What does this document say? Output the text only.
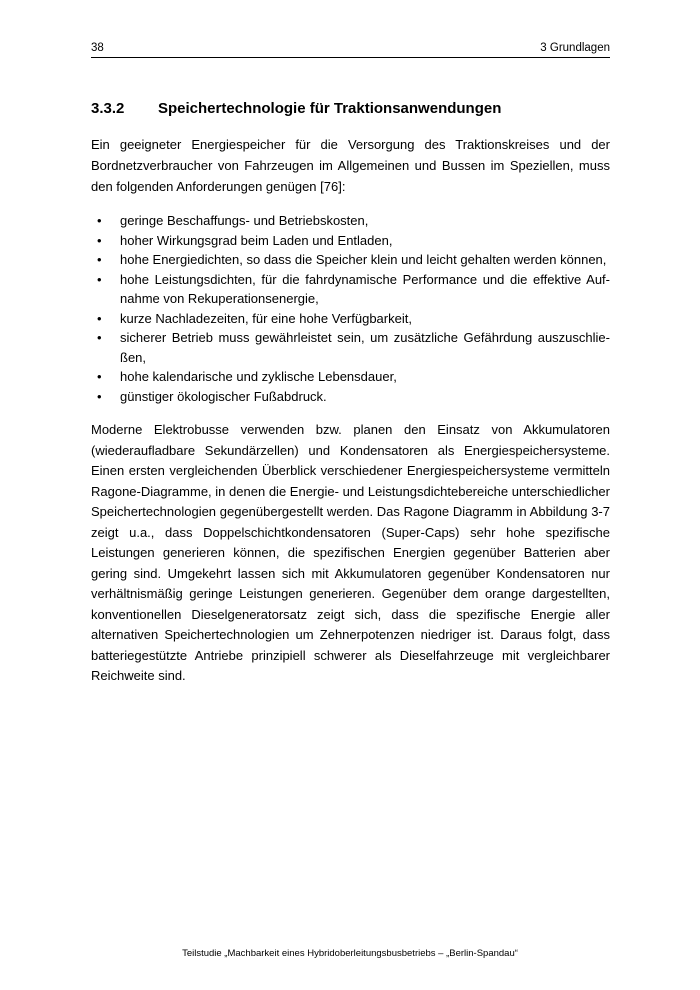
38	3 Grundlagen
3.3.2	Speichertechnologie für Traktionsanwendungen

Ein geeigneter Energiespeicher für die Versorgung des Traktionskreises und der Bordnetzverbraucher von Fahrzeugen im Allgemeinen und Bussen im Speziellen, muss den folgenden Anforderungen genügen [76]:

• geringe Beschaffungs- und Betriebskosten,
• hoher Wirkungsgrad beim Laden und Entladen,
• hohe Energiedichten, so dass die Speicher klein und leicht gehalten werden können,
• hohe Leistungsdichten, für die fahrdynamische Performance und die effektive Aufnahme von Rekuperationsenergie,
• kurze Nachladezeiten, für eine hohe Verfügbarkeit,
• sicherer Betrieb muss gewährleistet sein, um zusätzliche Gefährdung auszuschließen,
• hohe kalendarische und zyklische Lebensdauer,
• günstiger ökologischer Fußabdruck.

Moderne Elektrobusse verwenden bzw. planen den Einsatz von Akkumulatoren (wiederaufladbare Sekundärzellen) und Kondensatoren als Energiespeichersysteme. Einen ersten vergleichenden Überblick verschiedener Energiespeichersysteme vermitteln Ragone-Diagramme, in denen die Energie- und Leistungsdichtebereiche unterschiedlicher Speichertechnologien gegenübergestellt werden. Das Ragone Diagramm in Abbildung 3-7 zeigt u.a., dass Doppelschichtkondensatoren (Super-Caps) sehr hohe spezifische Leistungen generieren können, die spezifischen Energien gegenüber Batterien aber gering sind. Umgekehrt lassen sich mit Akkumulatoren gegenüber Kondensatoren nur verhältnismäßig geringe Leistungen generieren. Gegenüber dem orange dargestellten, konventionellen Dieselgeneratorsatz zeigt sich, dass die spezifische Energie aller alternativen Speichertechnologien um Zehnerpotenzen niedriger ist. Daraus folgt, dass batteriegestützte Antriebe prinzipiell schwerer als Dieselfahrzeuge mit vergleichbarer Reichweite sind.

Teilstudie „Machbarkeit eines Hybridoberleitungsbusbetriebs – „Berlin-Spandau“
